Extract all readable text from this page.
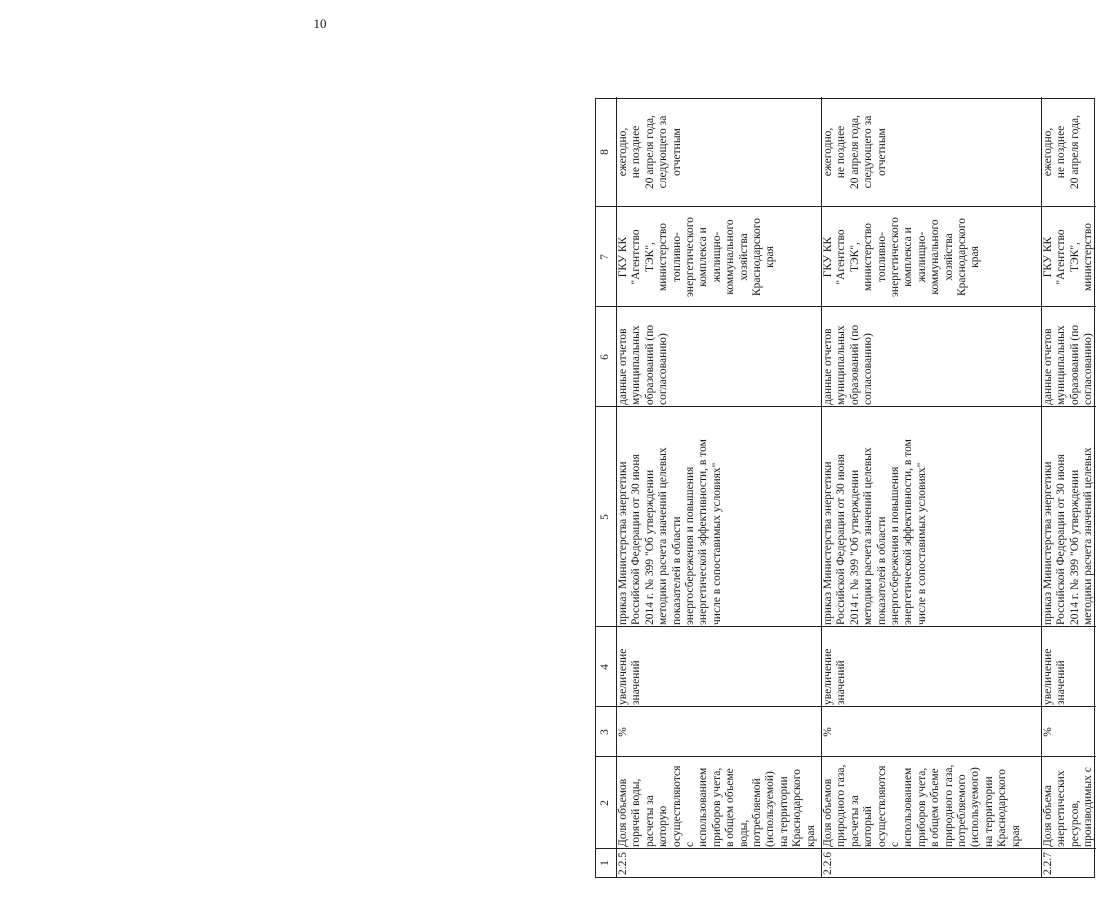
10
1
2
3
4
5
6
7
8
2.2.5
Доля объемов
горячей воды,
расчеты за
которую
осуществляются
с
использованием
приборов учета,
в общем объеме
воды,
потребляемой
(используемой)
на территории
Краснодарского
края
%
увеличение
значений
приказ Министерства энергетики
Российской Федерации от 30 июня
2014 г. № 399 "Об утверждении
методики расчета значений целевых
показателей в области
энергосбережения и повышения
энергетической эффективности, в том
числе в сопоставимых условиях"
данные отчетов
муниципальных
образований (по
согласованию)
ГКУ КК
"Агентство
ТЭК",
министерство
топливно-
энергетического
комплекса и
жилищно-
коммунального
хозяйства
Краснодарского
края
ежегодно,
не позднее
20 апреля года,
следующего за
отчетным
2.2.6
Доля объемов
природного газа,
расчеты за
который
осуществляются
с
использованием
приборов учета,
в общем объеме
природного газа,
потребляемого
(используемого)
на территории
Краснодарского
края
%
увеличение
значений
приказ Министерства энергетики
Российской Федерации от 30 июня
2014 г. № 399 "Об утверждении
методики расчета значений целевых
показателей в области
энергосбережения и повышения
энергетической эффективности, в том
числе в сопоставимых условиях"
данные отчетов
муниципальных
образований (по
согласованию)
ГКУ КК
"Агентство
ТЭК",
министерство
топливно-
энергетического
комплекса и
жилищно-
коммунального
хозяйства
Краснодарского
края
ежегодно,
не позднее
20 апреля года,
следующего за
отчетным
2.2.7
Доля объема
энергетических
ресурсов,
производимых с
%
увеличение
значений
приказ Министерства энергетики
Российской Федерации от 30 июня
2014 г. № 399 "Об утверждении
методики расчета значений целевых
данные отчетов
муниципальных
образований (по
согласованию)
ГКУ КК
"Агентство
ТЭК",
министерство
ежегодно,
не позднее
20 апреля года,
